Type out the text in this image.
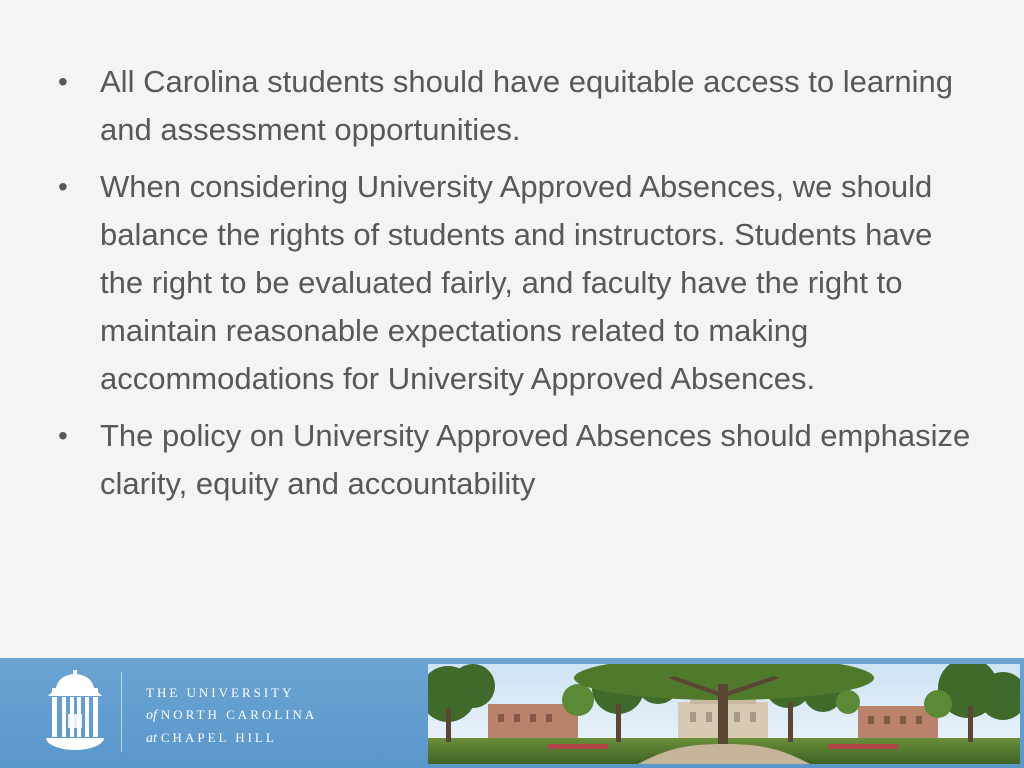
•	All Carolina students should have equitable access to learning and assessment opportunities.
•	When considering University Approved Absences, we should balance the rights of students and instructors. Students have the right to be evaluated fairly, and faculty have the right to maintain reasonable expectations related to making accommodations for University Approved Absences.
•	The policy on University Approved Absences should emphasize clarity, equity and accountability
THE UNIVERSITY
of NORTH CAROLINA
at CHAPEL HILL
